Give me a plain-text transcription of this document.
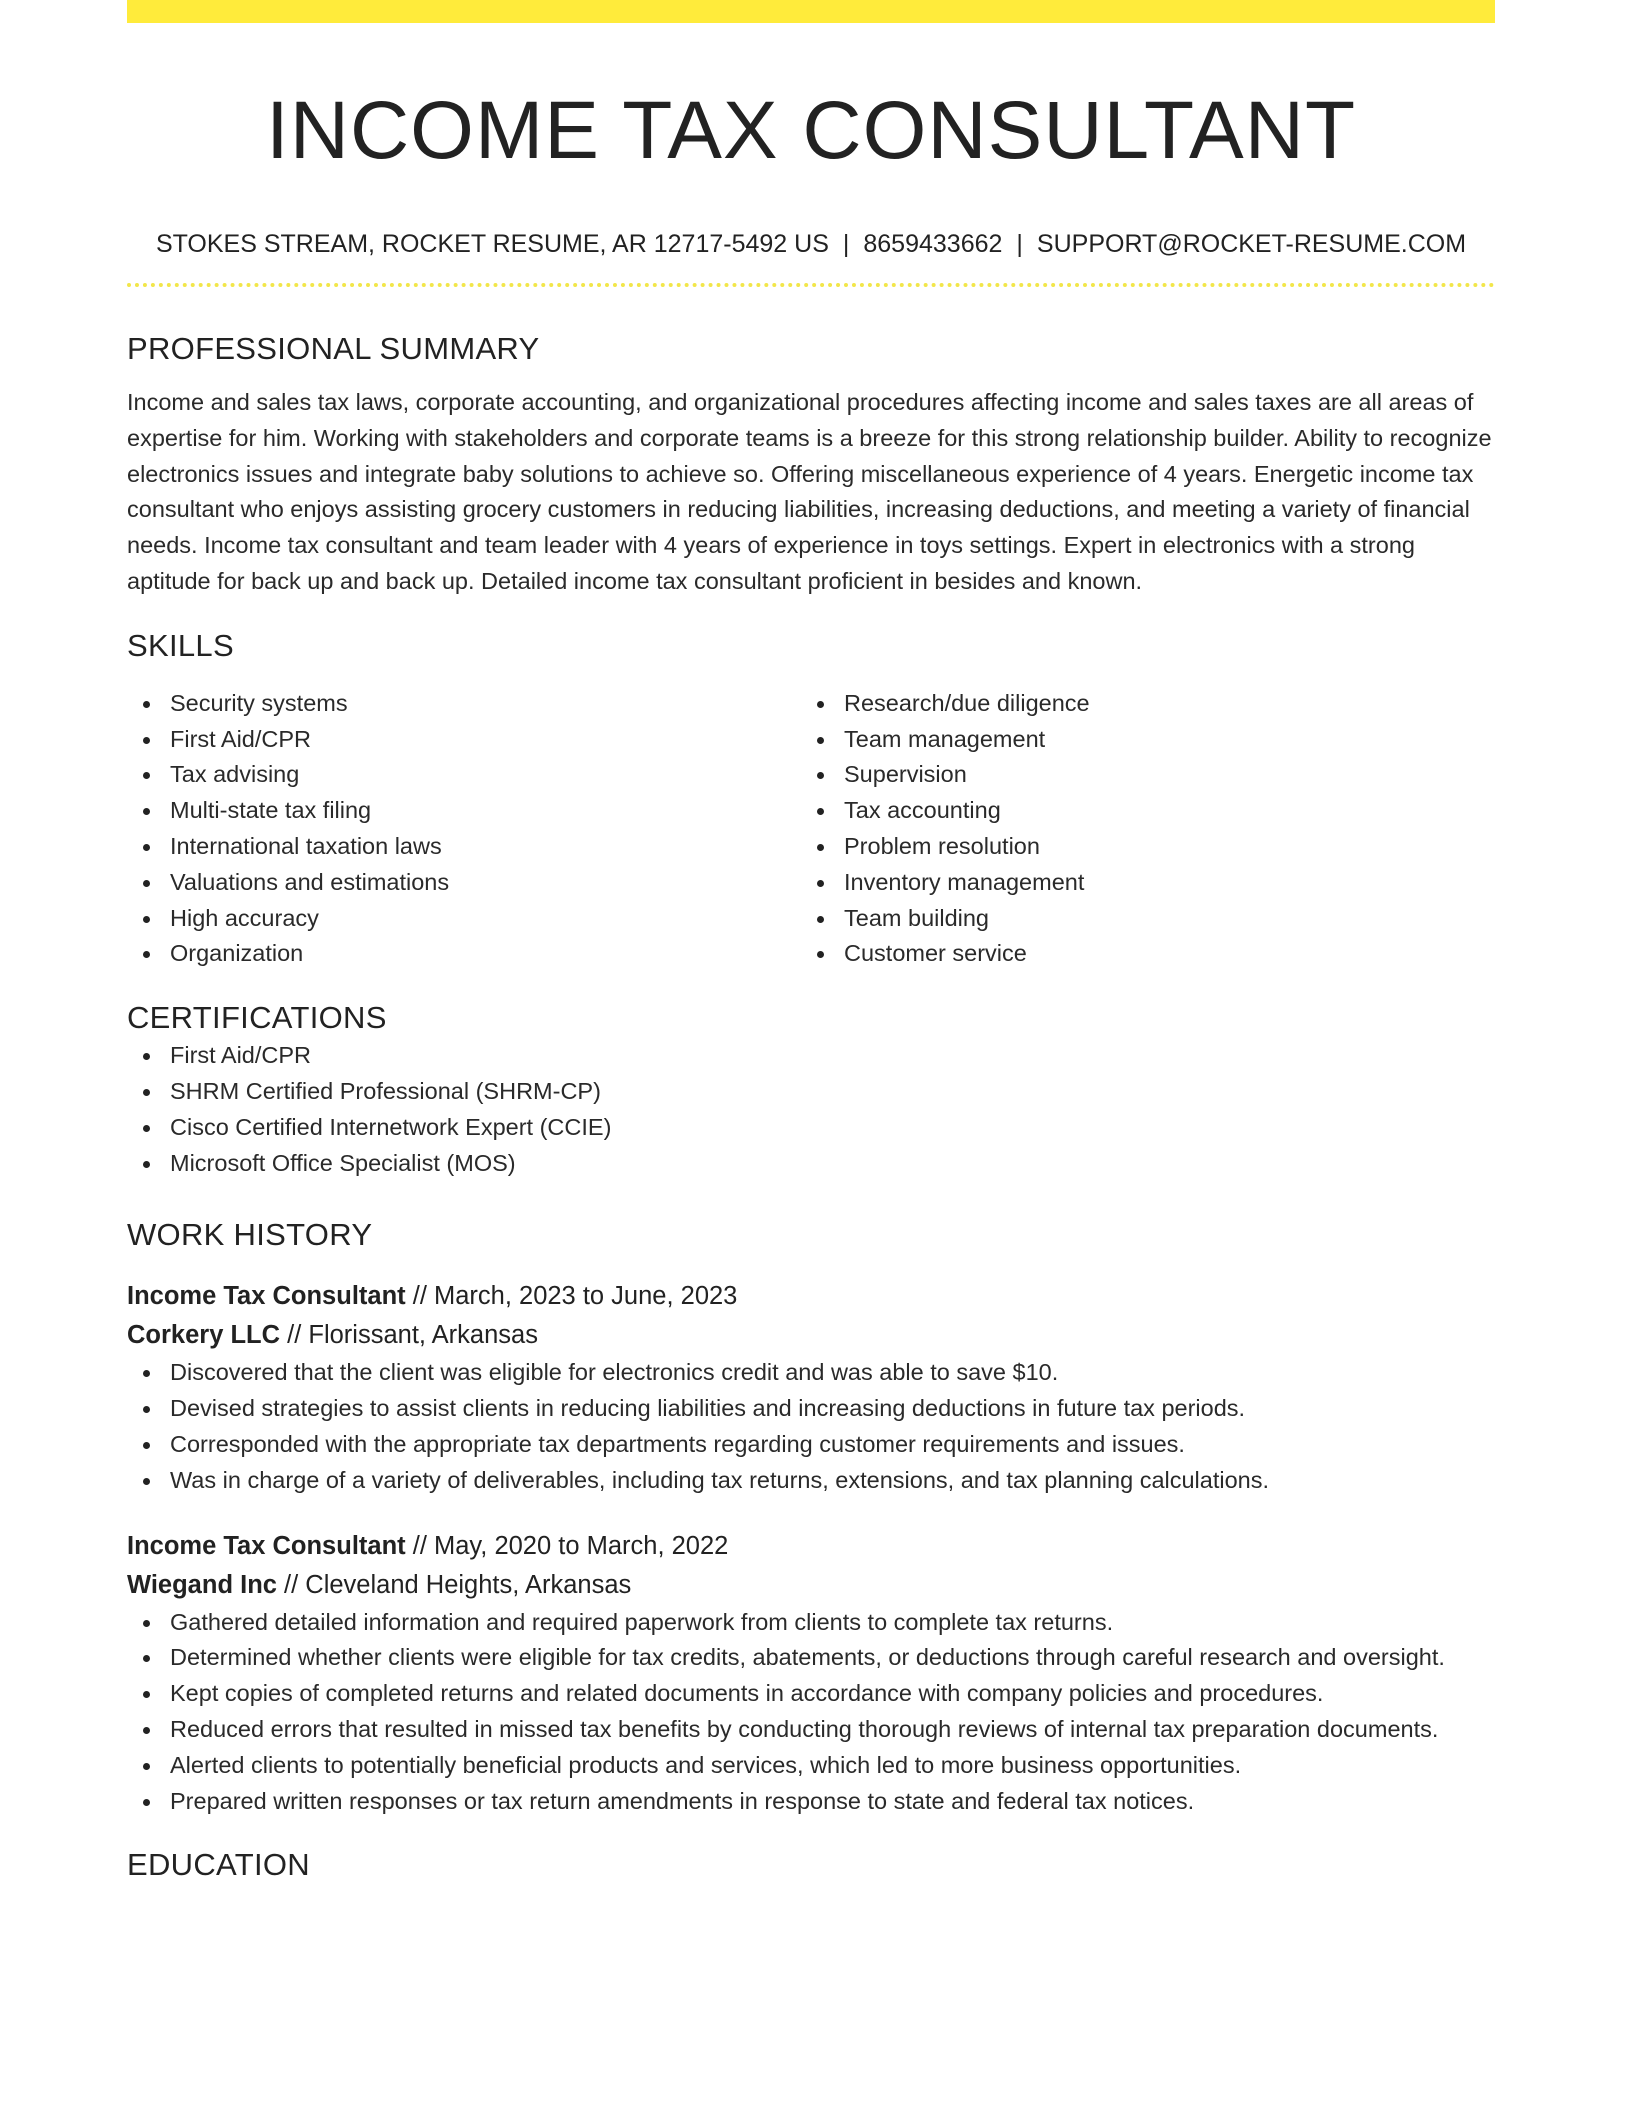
INCOME TAX CONSULTANT
STOKES STREAM, ROCKET RESUME, AR 12717-5492 US | 8659433662 | SUPPORT@ROCKET-RESUME.COM
PROFESSIONAL SUMMARY
Income and sales tax laws, corporate accounting, and organizational procedures affecting income and sales taxes are all areas of expertise for him. Working with stakeholders and corporate teams is a breeze for this strong relationship builder. Ability to recognize electronics issues and integrate baby solutions to achieve so. Offering miscellaneous experience of 4 years. Energetic income tax consultant who enjoys assisting grocery customers in reducing liabilities, increasing deductions, and meeting a variety of financial needs. Income tax consultant and team leader with 4 years of experience in toys settings. Expert in electronics with a strong aptitude for back up and back up. Detailed income tax consultant proficient in besides and known.
SKILLS
Security systems
First Aid/CPR
Tax advising
Multi-state tax filing
International taxation laws
Valuations and estimations
High accuracy
Organization
Research/due diligence
Team management
Supervision
Tax accounting
Problem resolution
Inventory management
Team building
Customer service
CERTIFICATIONS
First Aid/CPR
SHRM Certified Professional (SHRM-CP)
Cisco Certified Internetwork Expert (CCIE)
Microsoft Office Specialist (MOS)
WORK HISTORY
Income Tax Consultant // March, 2023 to June, 2023
Corkery LLC // Florissant, Arkansas
Discovered that the client was eligible for electronics credit and was able to save $10.
Devised strategies to assist clients in reducing liabilities and increasing deductions in future tax periods.
Corresponded with the appropriate tax departments regarding customer requirements and issues.
Was in charge of a variety of deliverables, including tax returns, extensions, and tax planning calculations.
Income Tax Consultant // May, 2020 to March, 2022
Wiegand Inc // Cleveland Heights, Arkansas
Gathered detailed information and required paperwork from clients to complete tax returns.
Determined whether clients were eligible for tax credits, abatements, or deductions through careful research and oversight.
Kept copies of completed returns and related documents in accordance with company policies and procedures.
Reduced errors that resulted in missed tax benefits by conducting thorough reviews of internal tax preparation documents.
Alerted clients to potentially beneficial products and services, which led to more business opportunities.
Prepared written responses or tax return amendments in response to state and federal tax notices.
EDUCATION
